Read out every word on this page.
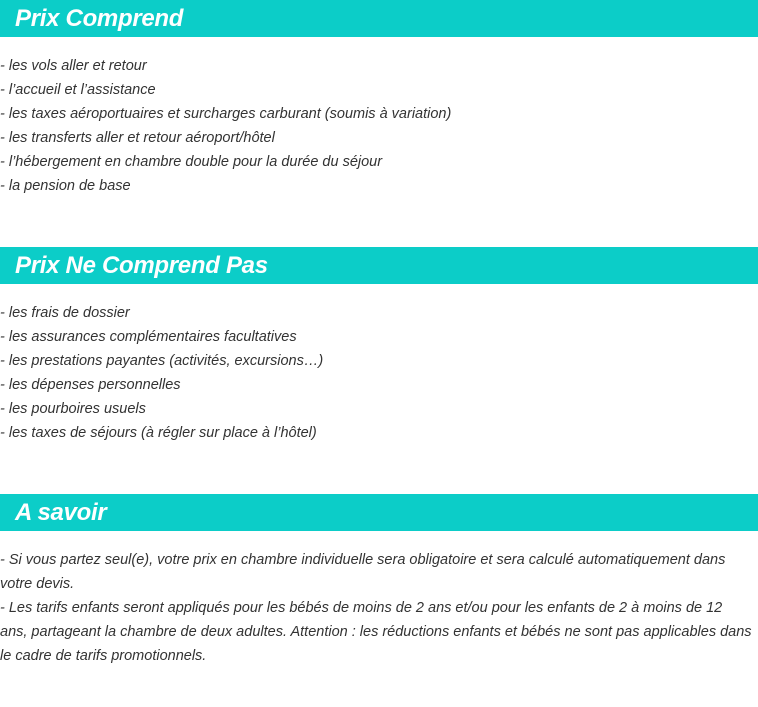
Prix Comprend
- les vols aller et retour
- l’accueil et l’assistance
- les taxes aéroportuaires et surcharges carburant (soumis à variation)
- les transferts aller et retour aéroport/hôtel
- l’hébergement en chambre double pour la durée du séjour
- la pension de base
Prix Ne Comprend Pas
- les frais de dossier
- les assurances complémentaires facultatives
- les prestations payantes (activités, excursions…)
- les dépenses personnelles
- les pourboires usuels
- les taxes de séjours (à régler sur place à l’hôtel)
A savoir
- Si vous partez seul(e), votre prix en chambre individuelle sera obligatoire et sera calculé automatiquement dans votre devis.
- Les tarifs enfants seront appliqués pour les bébés de moins de 2 ans et/ou pour les enfants de 2 à moins de 12 ans, partageant la chambre de deux adultes. Attention : les réductions enfants et bébés ne sont pas applicables dans le cadre de tarifs promotionnels.
